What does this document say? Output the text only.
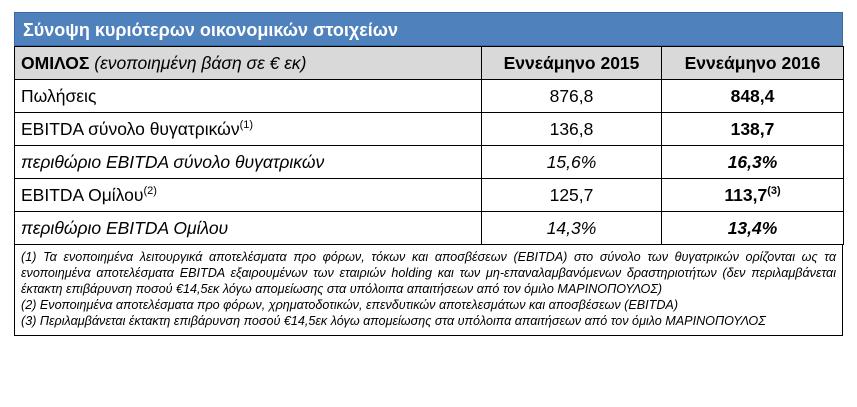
Σύνοψη κυριότερων οικονομικών στοιχείων
ΟΜΙΛΟΣ (ενοποιημένη βάση σε € εκ)	Εννεάμηνο 2015	Εννεάμηνο 2016
Πωλήσεις	876,8	848,4
EBITDA σύνολο θυγατρικών$^{(1)}$	136,8	138,7
περιθώριο EBITDA σύνολο θυγατρικών	15,6%	16,3%
EBITDA Ομίλου$^{(2)}$	125,7	113,7$^{(3)}$
περιθώριο EBITDA Ομίλου	14,3%	13,4%

(1) Τα ενοποιημένα λειτουργικά αποτελέσματα προ φόρων, τόκων και αποσβέσεων (EBITDA) στο σύνολο των θυγατρικών ορίζονται ως τα ενοποιημένα αποτελέσματα EBITDA εξαιρουμένων των εταιριών holding και των μη-επαναλαμβανόμενων δραστηριοτήτων (δεν περιλαμβάνεται έκτακτη επιβάρυνση ποσού €14,5εκ λόγω απομείωσης στα υπόλοιπα απαιτήσεων από τον όμιλο ΜΑΡΙΝΟΠΟΥΛΟΣ)

(2) Ενοποιημένα αποτελέσματα προ φόρων, χρηματοδοτικών, επενδυτικών αποτελεσμάτων και αποσβέσεων (EBITDA)

(3) Περιλαμβάνεται έκτακτη επιβάρυνση ποσού €14,5εκ λόγω απομείωσης στα υπόλοιπα απαιτήσεων από τον όμιλο ΜΑΡΙΝΟΠΟΥΛΟΣ
